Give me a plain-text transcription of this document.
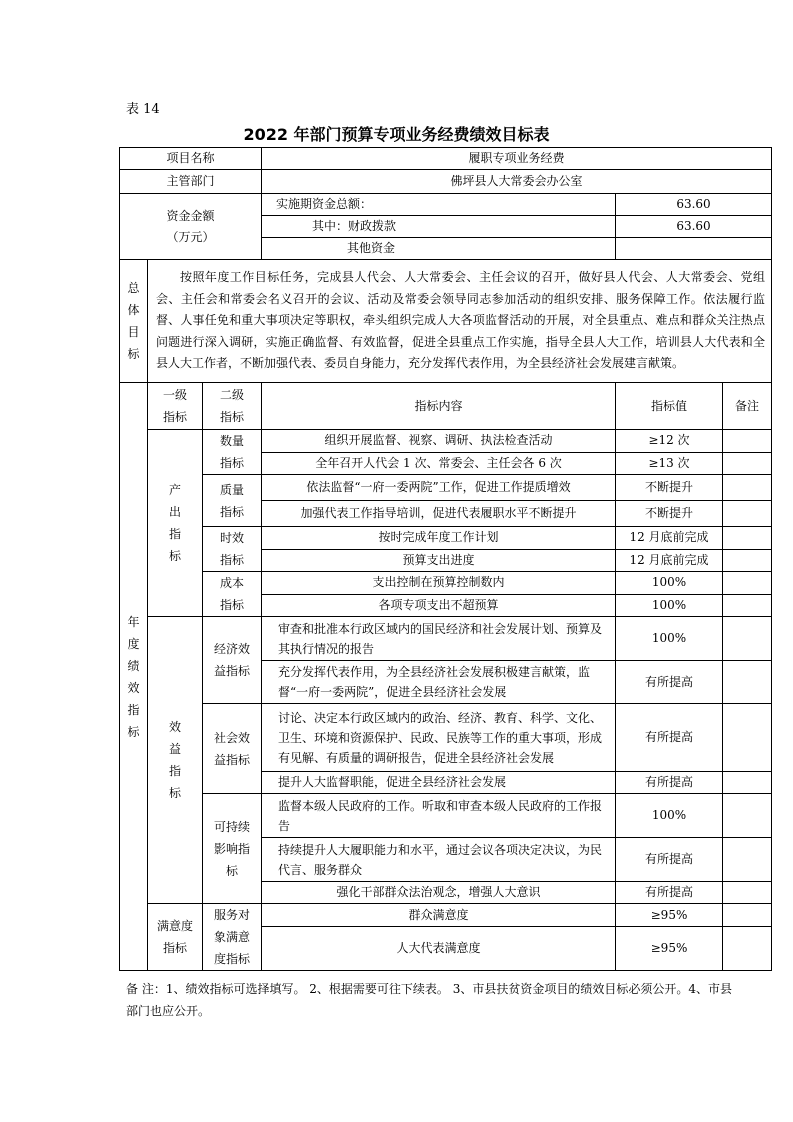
表 14
2022 年部门预算专项业务经费绩效目标表
项目名称			履职专项业务经费		
主管部门			佛坪县人大常委会办公室		

资金金额
（万元）			实施期资金总额：	63.60	
			其中：财政拨款	63.60	
			其他资金		
总体目标	按照年度工作目标任务，完成县人代会、人大常委会、主任会议的召开，做好县人代会、人大常委会、党组会、主任会和常委会名义召开的会议、活动及常委会领导同志参加活动的组织安排、服务保障工作。依法履行监督、人事任免和重大事项决定等职权，牵头组织完成人大各项监督活动的开展，对全县重点、难点和群众关注热点问题进行深入调研，实施正确监督、有效监督，促进全县重点工作实施，指导全县人大工作，培训县人大代表和全县人大工作者，不断加强代表、委员自身能力，充分发挥代表作用，为全县经济社会发展建言献策。				
年度绩效指标	一级指标	二级指标	指标内容	指标值	备注
	产出指标	数量指标	组织开展监督、视察、调研、执法检查活动	≥12 次	
			全年召开人代会 1 次、常委会、主任会各 6 次	≥13 次	
		质量指标	依法监督“一府一委两院”工作，促进工作提质增效	不断提升	
			加强代表工作指导培训，促进代表履职水平不断提升	不断提升	
		时效指标	按时完成年度工作计划	12 月底前完成	
			预算支出进度	12 月底前完成	
		成本指标	支出控制在预算控制数内	100%	
			各项专项支出不超预算	100%	
	效益指标	经济效益指标	审查和批准本行政区域内的国民经济和社会发展计划、预算及其执行情况的报告	100%	
			充分发挥代表作用，为全县经济社会发展积极建言献策，监督“一府一委两院”，促进全县经济社会发展	有所提高	
		社会效益指标	讨论、决定本行政区域内的政治、经济、教育、科学、文化、卫生、环境和资源保护、民政、民族等工作的重大事项，形成有见解、有质量的调研报告，促进全县经济社会发展	有所提高	
			提升人大监督职能，促进全县经济社会发展	有所提高	
		可持续影响指标	监督本级人民政府的工作。听取和审查本级人民政府的工作报告	100%	
			持续提升人大履职能力和水平，通过会议各项决定决议，为民代言、服务群众	有所提高	
			强化干部群众法治观念，增强人大意识	有所提高	
	满意度指标	服务对象满意度指标	群众满意度	≥95%	
			人大代表满意度	≥95%	
备 注：1、绩效指标可选择填写。 2、根据需要可往下续表。 3、市县扶贫资金项目的绩效目标必须公开。4、市县部门也应公开。
